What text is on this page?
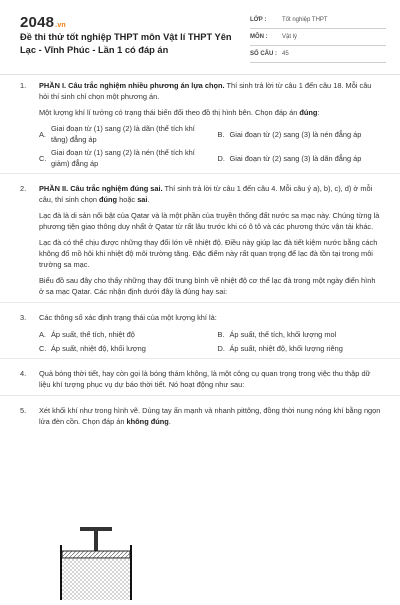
2048.vn
Đề thi thử tốt nghiệp THPT môn Vật lí THPT Yên Lạc - Vĩnh Phúc - Lần 1 có đáp án
LỚP :	Tốt nghiệp THPT
MÔN :	Vật lý
SỐ CÂU : 45
1. PHẦN I. Câu trắc nghiệm nhiều phương án lựa chọn. Thí sinh trả lời từ câu 1 đến câu 18. Mỗi câu hỏi thí sinh chỉ chọn một phương án.

Một lượng khí lí tưởng có trạng thái biến đổi theo đồ thị hình bên. Chọn đáp án đúng:

A.
Giai đoạn từ (1) sang (2) là dãn (thể tích khí tăng) đẳng áp
B. Giai đoạn từ (2) sang (3) là nén đẳng áp
C.
Giai đoạn từ (1) sang (2) là nén (thể tích khí giảm) đẳng áp
D. Giai đoạn từ (2) sang (3) là dãn đẳng áp
2. PHẦN II. Câu trắc nghiệm đúng sai. Thí sinh trả lời từ câu 1 đến câu 4. Mỗi câu ý a), b), c), d) ở mỗi câu, thí sinh chọn đúng hoặc sai.

Lạc đà là di sản nổi bật của Qatar và là một phần của truyền thống đất nước sa mạc này. Chúng từng là phương tiện giao thông duy nhất ở Qatar từ rất lâu trước khi có ô tô và các phương thức vận tải khác.

Lạc đà có thể chịu được những thay đổi lớn về nhiệt độ. Điều này giúp lạc đà tiết kiệm nước bằng cách không đổ mồ hôi khi nhiệt độ môi trường tăng. Đặc điểm này rất quan trọng để lạc đà tồn tại trong môi trường sa mạc.

Biểu đồ sau đây cho thấy những thay đổi trung bình về nhiệt độ cơ thể lạc đà trong một ngày điển hình ở sa mạc Qatar. Các nhận định dưới đây là đúng hay sai:

3. Các thông số xác định trạng thái của một lượng khí là:

A. Áp suất, thể tích, nhiệt độ	B. Áp suất, thể tích, khối lượng mol
C. Áp suất, nhiệt độ, khối lượng	D. Áp suất, nhiệt độ, khối lượng riêng
4. Quả bóng thời tiết, hay còn gọi là bóng thám không, là một công cụ quan trọng trong việc thu thập dữ liệu khí tượng phục vụ dự báo thời tiết. Nó hoạt động như sau:

5. Xét khối khí như trong hình vẽ. Dùng tay ấn mạnh và nhanh pittông, đồng thời nung nóng khí bằng ngọn lửa đèn cồn. Chọn đáp án không đúng.
